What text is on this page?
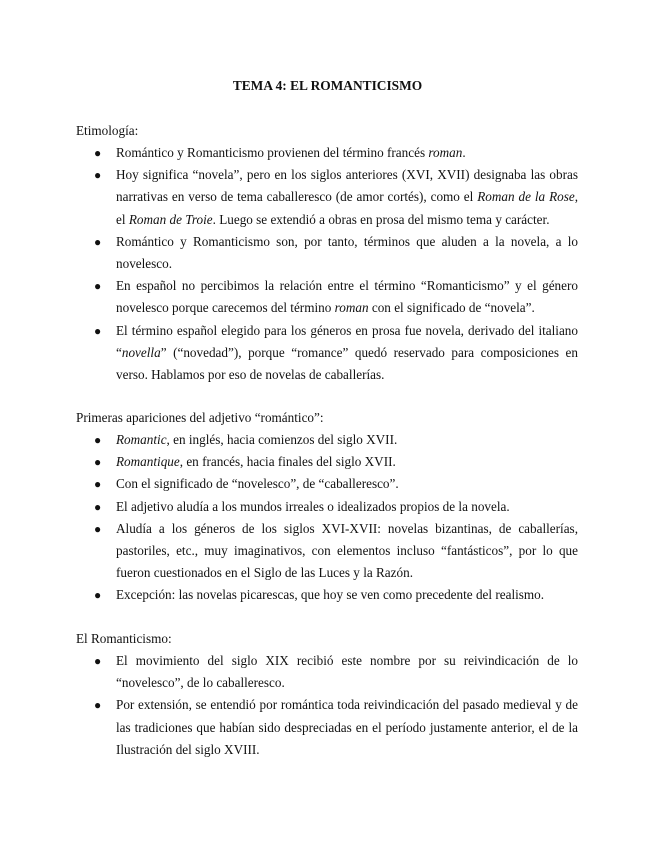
TEMA 4: EL ROMANTICISMO
Etimología:
● Romántico y Romanticismo provienen del término francés roman.
● Hoy significa “novela”, pero en los siglos anteriores (XVI, XVII) designaba las obras narrativas en verso de tema caballeresco (de amor cortés), como el Roman de la Rose, el Roman de Troie. Luego se extendió a obras en prosa del mismo tema y carácter.
● Romántico y Romanticismo son, por tanto, términos que aluden a la novela, a lo novelesco.
● En español no percibimos la relación entre el término “Romanticismo” y el género novelesco porque carecemos del término roman con el significado de “novela”.
● El término español elegido para los géneros en prosa fue novela, derivado del italiano “novella” (“novedad”), porque “romance” quedó reservado para composiciones en verso. Hablamos por eso de novelas de caballerías.
Primeras apariciones del adjetivo “romántico”:
● Romantic, en inglés, hacia comienzos del siglo XVII.
● Romantique, en francés, hacia finales del siglo XVII.
● Con el significado de “novelesco”, de “caballeresco”.
● El adjetivo aludía a los mundos irreales o idealizados propios de la novela.
● Aludía a los géneros de los siglos XVI-XVII: novelas bizantinas, de caballerías, pastoriles, etc., muy imaginativos, con elementos incluso “fantásticos”, por lo que fueron cuestionados en el Siglo de las Luces y la Razón.
● Excepción: las novelas picarescas, que hoy se ven como precedente del realismo.
El Romanticismo:
● El movimiento del siglo XIX recibió este nombre por su reivindicación de lo “novelesco”, de lo caballeresco.
● Por extensión, se entendió por romántica toda reivindicación del pasado medieval y de las tradiciones que habían sido despreciadas en el período justamente anterior, el de la Ilustración del siglo XVIII.
